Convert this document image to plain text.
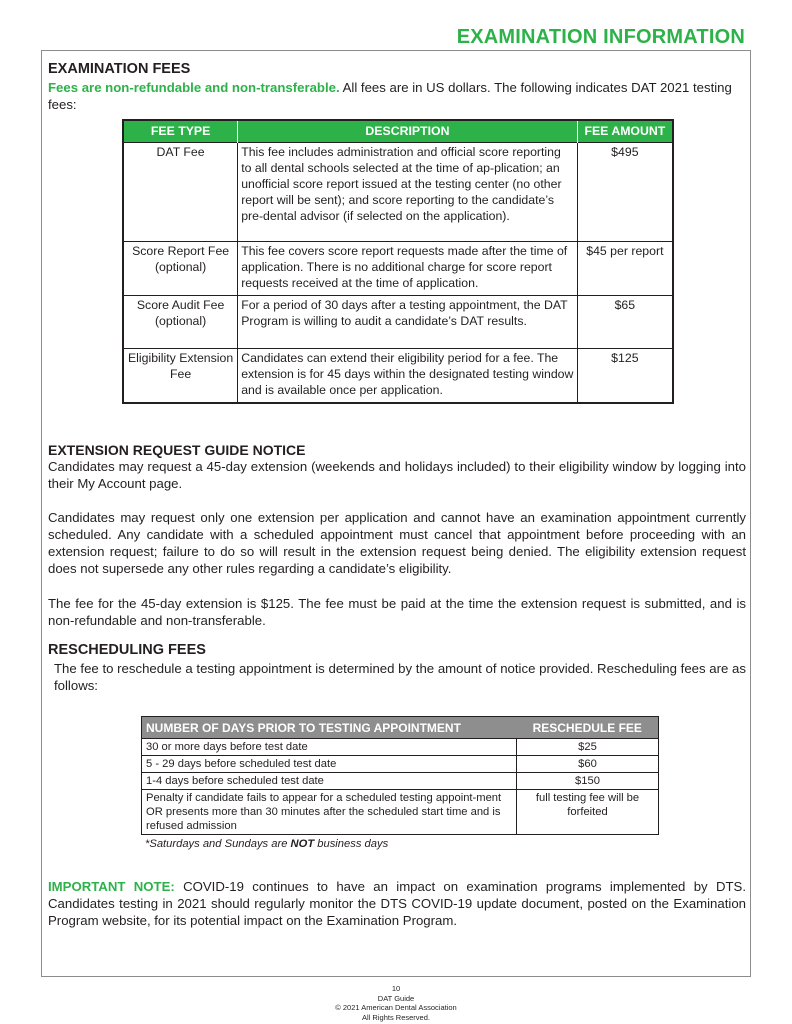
EXAMINATION INFORMATION
EXAMINATION FEES
Fees are non-refundable and non-transferable. All fees are in US dollars. The following indicates DAT 2021 testing fees:
FEE TYPE	DESCRIPTION	FEE AMOUNT
DAT Fee	This fee includes administration and official score reporting to all dental schools selected at the time of ap-plication; an unofficial score report issued at the testing center (no other report will be sent); and score reporting to the candidate’s pre-dental advisor (if selected on the application).	$495
Score Report Fee (optional)	This fee covers score report requests made after the time of application. There is no additional charge for score report requests received at the time of application.	$45 per report
Score Audit Fee (optional)	For a period of 30 days after a testing appointment, the DAT Program is willing to audit a candidate’s DAT results.	$65
Eligibility Extension Fee	Candidates can extend their eligibility period for a fee. The extension is for 45 days within the designated testing window and is available once per application.	$125
EXTENSION REQUEST GUIDE NOTICE
Candidates may request a 45-day extension (weekends and holidays included) to their eligibility window by logging into their My Account page.
Candidates may request only one extension per application and cannot have an examination appointment currently scheduled. Any candidate with a scheduled appointment must cancel that appointment before proceeding with an extension request; failure to do so will result in the extension request being denied. The eligibility extension request does not supersede any other rules regarding a candidate’s eligibility.
The fee for the 45-day extension is $125. The fee must be paid at the time the extension request is submitted, and is non-refundable and non-transferable.
RESCHEDULING FEES
The fee to reschedule a testing appointment is determined by the amount of notice provided. Rescheduling fees are as follows:
NUMBER OF DAYS PRIOR TO TESTING APPOINTMENT	RESCHEDULE FEE
30 or more days before test date	$25
5 - 29 days before scheduled test date	$60
1-4 days before scheduled test date	$150
Penalty if candidate fails to appear for a scheduled testing appoint-ment OR presents more than 30 minutes after the scheduled start time and is refused admission	full testing fee will be forfeited
*Saturdays and Sundays are NOT business days
IMPORTANT NOTE: COVID-19 continues to have an impact on examination programs implemented by DTS. Candidates testing in 2021 should regularly monitor the DTS COVID-19 update document, posted on the Examination Program website, for its potential impact on the Examination Program.
10
DAT Guide
© 2021 American Dental Association
All Rights Reserved.
